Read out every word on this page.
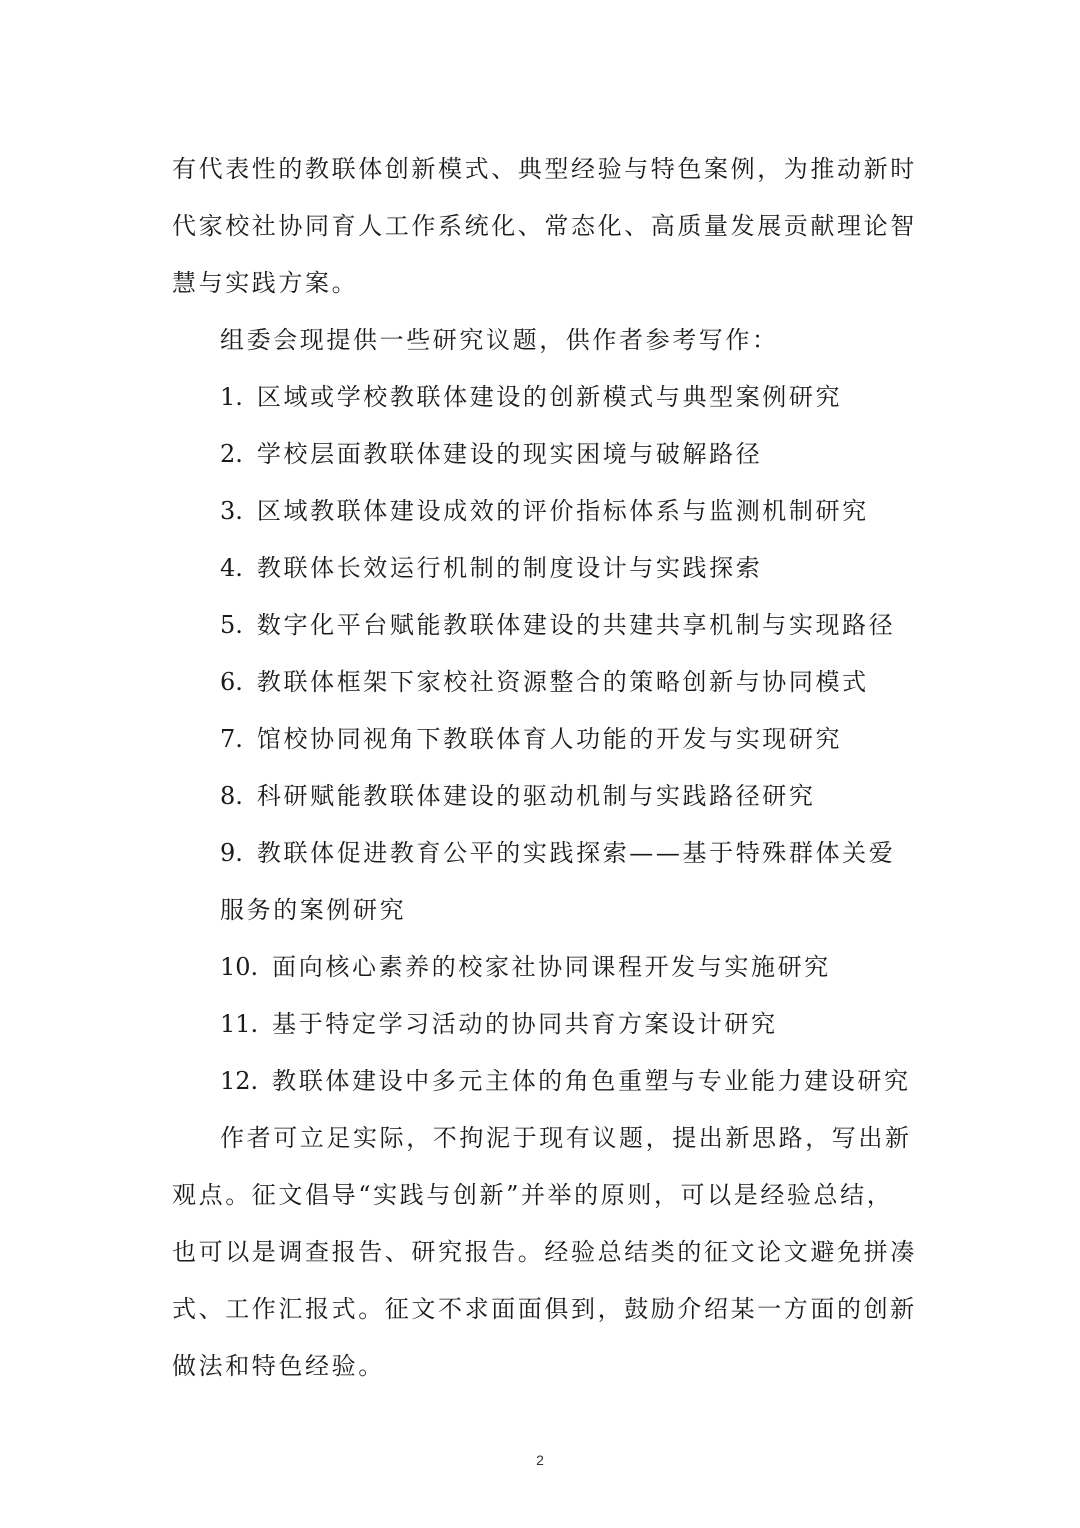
有代表性的教联体创新模式、典型经验与特色案例，为推动新时
代家校社协同育人工作系统化、常态化、高质量发展贡献理论智
慧与实践方案。
组委会现提供一些研究议题，供作者参考写作：
1. 区域或学校教联体建设的创新模式与典型案例研究
2. 学校层面教联体建设的现实困境与破解路径
3. 区域教联体建设成效的评价指标体系与监测机制研究
4. 教联体长效运行机制的制度设计与实践探索
5. 数字化平台赋能教联体建设的共建共享机制与实现路径
6. 教联体框架下家校社资源整合的策略创新与协同模式
7. 馆校协同视角下教联体育人功能的开发与实现研究
8. 科研赋能教联体建设的驱动机制与实践路径研究
9. 教联体促进教育公平的实践探索——基于特殊群体关爱
服务的案例研究
10. 面向核心素养的校家社协同课程开发与实施研究
11. 基于特定学习活动的协同共育方案设计研究
12. 教联体建设中多元主体的角色重塑与专业能力建设研究
作者可立足实际，不拘泥于现有议题，提出新思路，写出新
观点。征文倡导“实践与创新”并举的原则，可以是经验总结，
也可以是调查报告、研究报告。经验总结类的征文论文避免拼凑
式、工作汇报式。征文不求面面俱到，鼓励介绍某一方面的创新
做法和特色经验。
2
